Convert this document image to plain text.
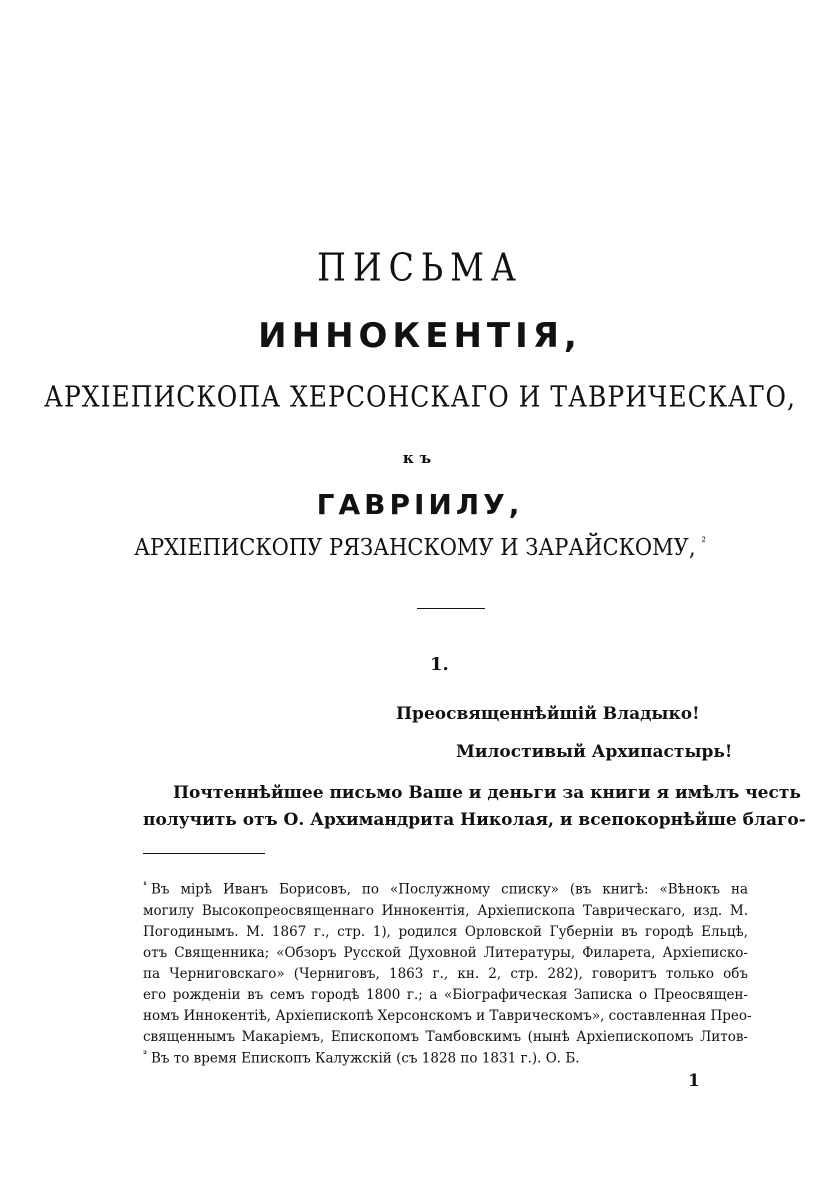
ПИСЬМА
ИННОКЕНТІЯ,
АРХІЕПИСКОПА ХЕРСОНСКАГО И ТАВРИЧЕСКАГО,
къ
ГАВРІИЛУ,
АРХІЕПИСКОПУ РЯЗАНСКОМУ И ЗАРАЙСКОМУ, $^{^2}$
1.
Преосвященнѣйшій Владыко!
Милостивый Архипастырь!
Почтеннѣйшее письмо Ваше и деньги за книги я имѣлъ честь
получить отъ О. Архимандрита Николая, и всепокорнѣйше благо-
$^{^1}$ Въ мірѣ Иванъ Борисовъ, по «Послужному списку» (въ книгѣ: «Вѣнокъ на
могилу Высокопреосвященнаго Иннокентія, Архіепископа Таврическаго, изд. М.
Погодинымъ. М. 1867 г., стр. 1), родился Орловской Губерніи въ городѣ Ельцѣ,
отъ Священника; «Обзоръ Русской Духовной Литературы, Филарета, Архіеписко-
па Черниговскаго» (Черниговъ, 1863 г., кн. 2, стр. 282), говоритъ только объ
его рожденіи въ семъ городѣ 1800 г.; а «Біографическая Записка о Преосвящен-
номъ Иннокентіѣ, Архіепископѣ Херсонскомъ и Таврическомъ», составленная Прео-
священнымъ Макаріемъ, Епископомъ Тамбовскимъ (нынѣ Архіепископомъ Литов-
$^{^2}$ Въ то время Епископъ Калужскій (съ 1828 по 1831 г.). О. Б.
1
